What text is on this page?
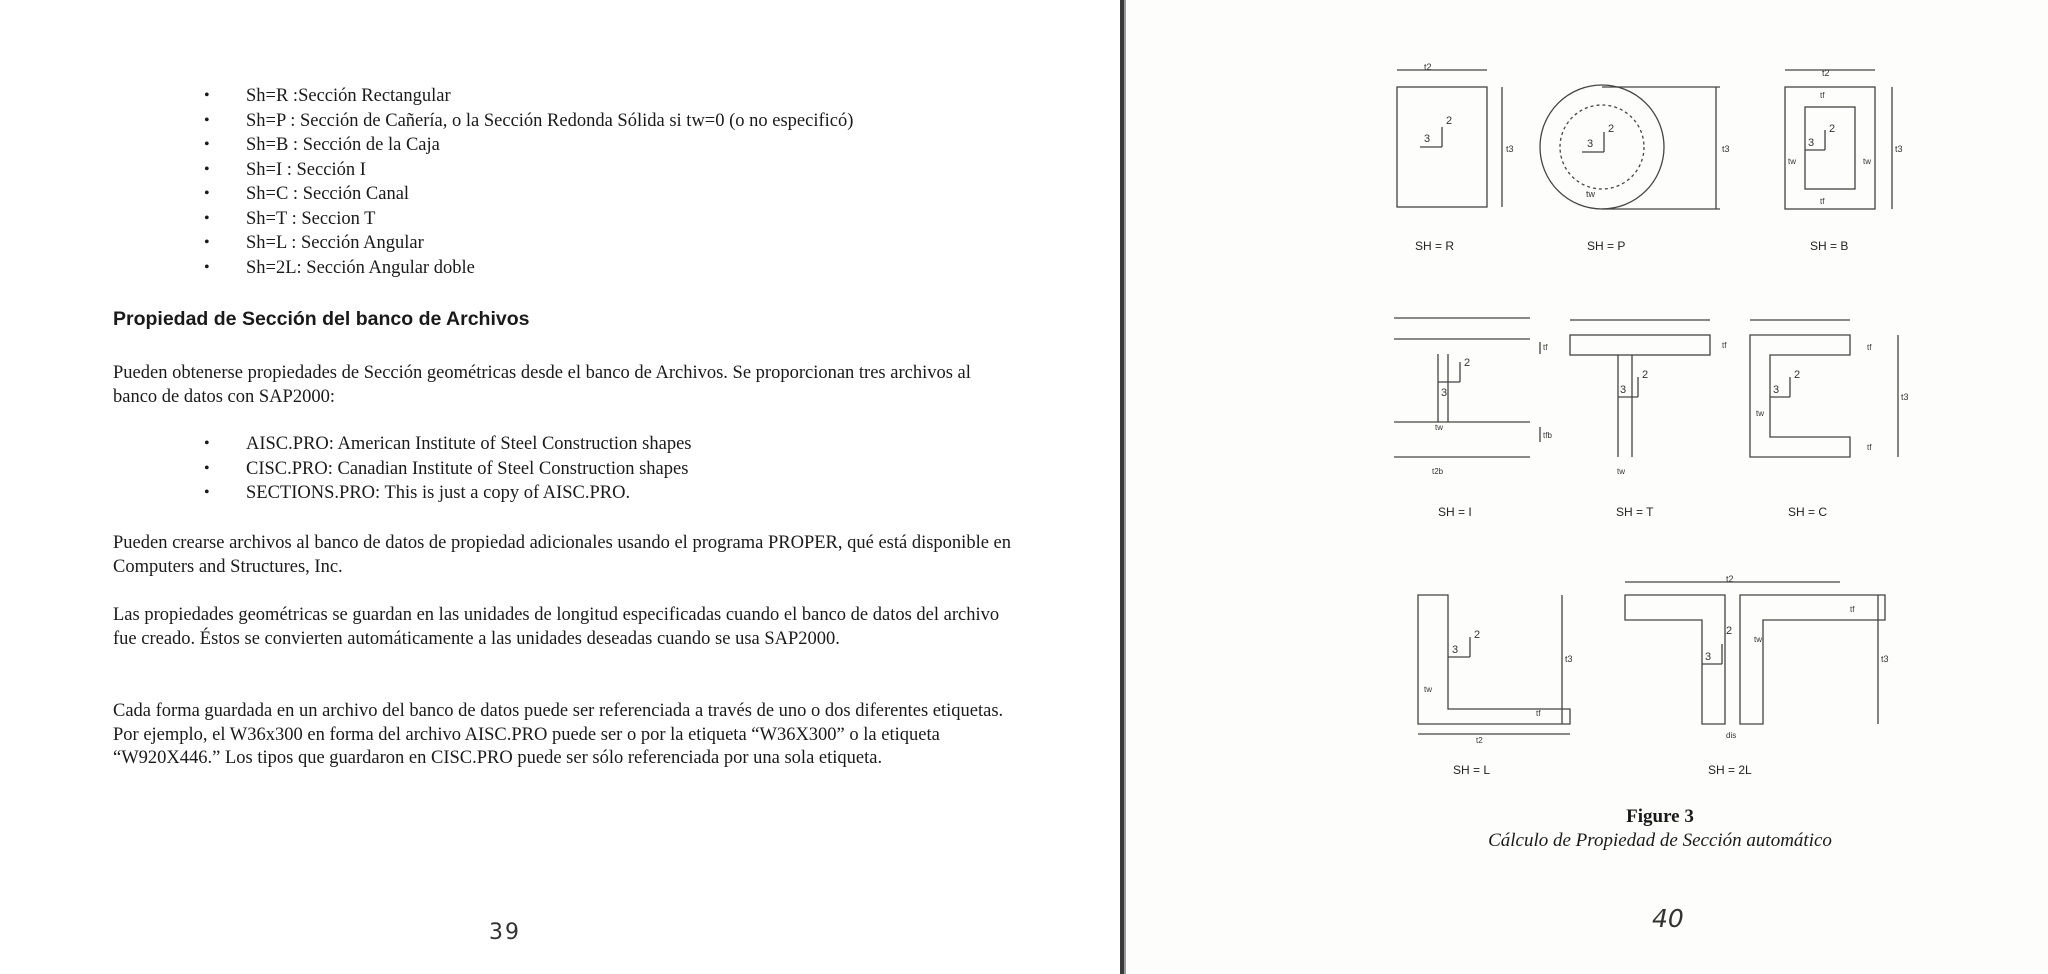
• Sh=R :Sección Rectangular
• Sh=P : Sección de Cañería, o la Sección Redonda Sólida si tw=0 (o no especificó)
• Sh=B : Sección de la Caja
• Sh=I : Sección I
• Sh=C : Sección Canal
• Sh=T : Seccion T
• Sh=L : Sección Angular
• Sh=2L: Sección Angular doble
Propiedad de Sección del banco de Archivos

Pueden obtenerse propiedades de Sección geométricas desde el banco de Archivos. Se proporcionan tres archivos al banco de datos con SAP2000:

• AISC.PRO: American Institute of Steel Construction shapes
• CISC.PRO: Canadian Institute of Steel Construction shapes
• SECTIONS.PRO: This is just a copy of AISC.PRO.

Pueden crearse archivos al banco de datos de propiedad adicionales usando el programa PROPER, qué está disponible en Computers and Structures, Inc.

Las propiedades geométricas se guardan en las unidades de longitud especificadas cuando el banco de datos del archivo fue creado. Éstos se convierten automáticamente a las unidades deseadas cuando se usa SAP2000.

Cada forma guardada en un archivo del banco de datos puede ser referenciada a través de uno o dos diferentes etiquetas. Por ejemplo, el W36x300 en forma del archivo AISC.PRO puede ser o por la etiqueta “W36X300” o la etiqueta “W920X446.” Los tipos que guardaron en CISC.PRO puede ser sólo referenciada por una sola etiqueta.

39
t2
t3
3
2
SH = R
t3
tw
2
3
SH = P
t2
t3
tw	tw
tf
tf
2
3
SH = B
tf
tfb
t2b
tw
2
3
SH = I
tf
tw
2
3
SH = T
tf
tf
t3
tw
2
3
SH = C
t3
tw
tf
t2
2
3
SH = L
t2
t3
tf
tw
dis
2
3
SH = 2L
Figure 3
Cálculo de Propiedad de Sección automático
40
